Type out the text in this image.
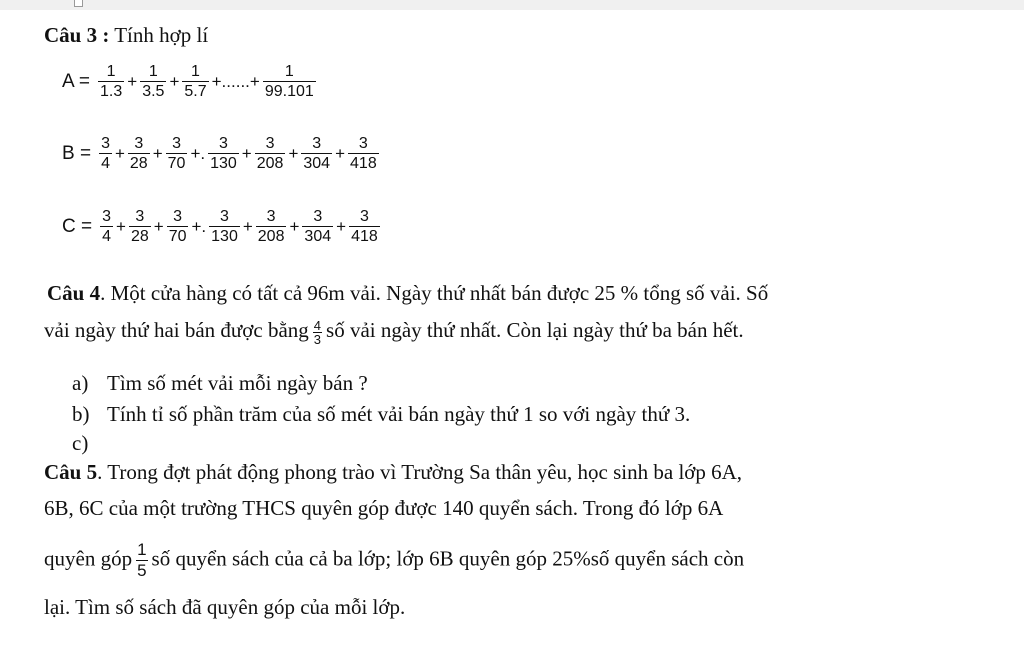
Câu 3 : Tính hợp lí
$A = \frac{1}{1.3} + \frac{1}{3.5} + \frac{1}{5.7}$ +......+ $\frac{1}{99.101}$
$B = \frac{3}{4} + \frac{3}{28} + \frac{3}{70}$ +. $\frac{3}{130} + \frac{3}{208} + \frac{3}{304} + \frac{3}{418}$
$C = \frac{3}{4} + \frac{3}{28} + \frac{3}{70}$ +. $\frac{3}{130} + \frac{3}{208} + \frac{3}{304} + \frac{3}{418}$
Câu 4. Một cửa hàng có tất cả 96m vải. Ngày thứ nhất bán được 25 % tổng số vải. Số
vải ngày thứ hai bán được bằng $\frac{4}{3}$ số vải ngày thứ nhất. Còn lại ngày thứ ba bán hết.
a) Tìm số mét vải mỗi ngày bán ?
b) Tính tỉ số phần trăm của số mét vải bán ngày thứ 1 so với ngày thứ 3.
c)
Câu 5. Trong đợt phát động phong trào vì Trường Sa thân yêu, học sinh ba lớp 6A,
6B, 6C của một trường THCS quyên góp được 140 quyển sách. Trong đó lớp 6A
quyên góp $\frac{1}{5}$ số quyển sách của cả ba lớp; lớp 6B quyên góp 25%số quyển sách còn
lại. Tìm số sách đã quyên góp của mỗi lớp.
